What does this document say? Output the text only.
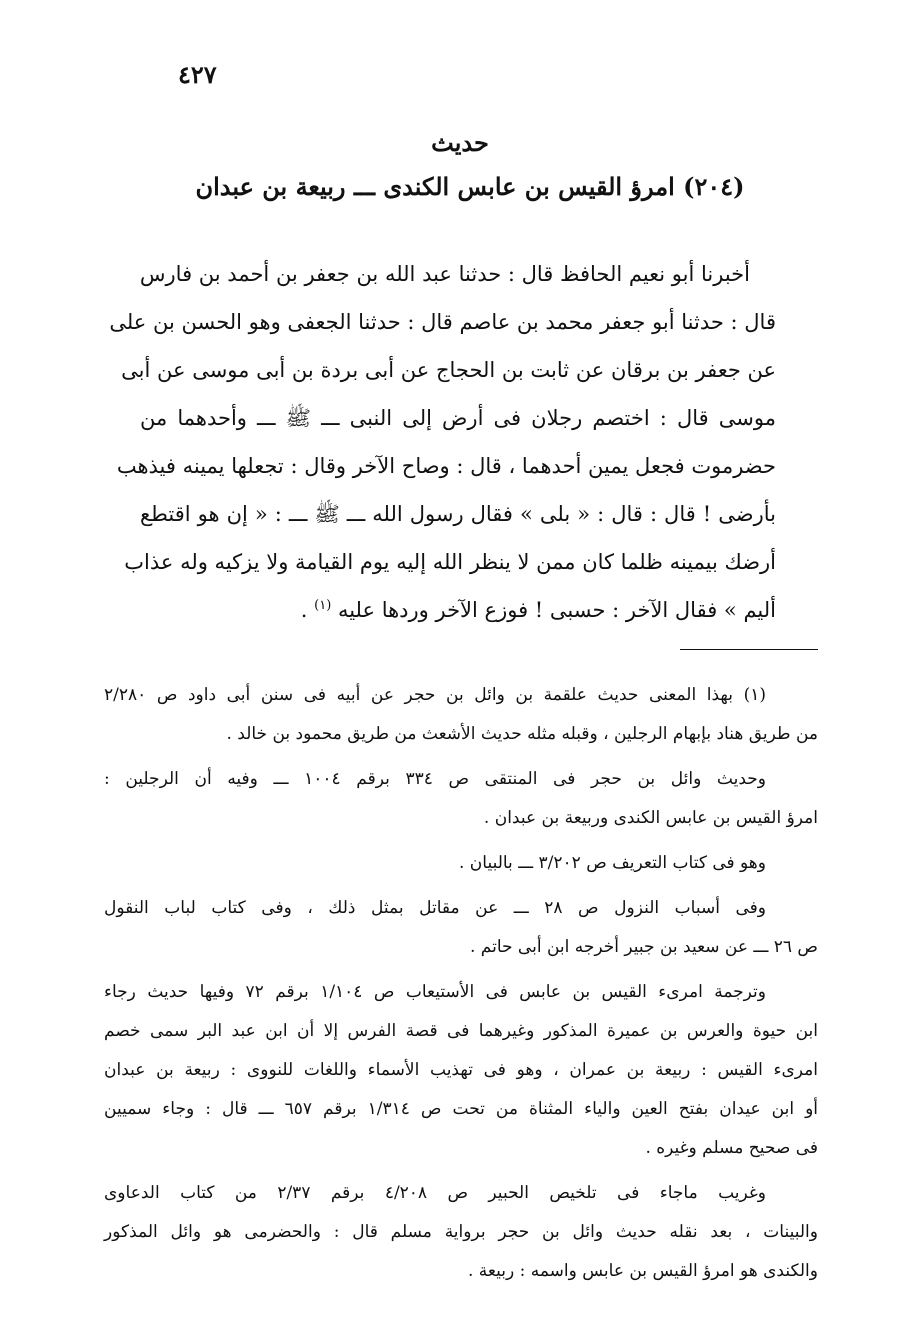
٤٢٧
حديث
(٢٠٤) امرؤ القيس بن عابس الكندى ـــ ربيعة بن عبدان
أخبرنا أبو نعيم الحافظ قال : حدثنا عبد الله بن جعفر بن أحمد بن فارس
قال : حدثنا أبو جعفر محمد بن عاصم قال : حدثنا الجعفى وهو الحسن بن على
عن جعفر بن برقان عن ثابت بن الحجاج عن أبى بردة بن أبى موسى عن أبى
موسى قال : اختصم رجلان فى أرض إلى النبى ـــ ﷺ ـــ وأحدهما من
حضرموت فجعل يمين أحدهما ، قال : وصاح الآخر وقال : تجعلها يمينه فيذهب
بأرضى ! قال : قال : « بلى » فقال رسول الله ـــ ﷺ ـــ : « إن هو اقتطع
أرضك بيمينه ظلما كان ممن لا ينظر الله إليه يوم القيامة ولا يزكيه وله عذاب
أليم » فقال الآخر : حسبى ! فوزع الآخر وردها عليه $^{(١)}$ .
(١) بهذا المعنى حديث علقمة بن وائل بن حجر عن أبيه فى سنن أبى داود ص ٢/٢٨٠
من طريق هناد بإبهام الرجلين ، وقبله مثله حديث الأشعث من طريق محمود بن خالد .
وحديث وائل بن حجر فى المنتقى ص ٣٣٤ برقم ١٠٠٤ ـــ وفيه أن الرجلين :
امرؤ القيس بن عابس الكندى وربيعة بن عبدان .
وهو فى كتاب التعريف ص ٣/٢٠٢ ـــ بالبيان .
وفى أسباب النزول ص ٢٨ ـــ عن مقاتل بمثل ذلك ، وفى كتاب لباب النقول
ص ٢٦ ـــ عن سعيد بن جبير أخرجه ابن أبى حاتم .
وترجمة امرىء القيس بن عابس فى الأستيعاب ص ١/١٠٤ برقم ٧٢ وفيها حديث رجاء
ابن حيوة والعرس بن عميرة المذكور وغيرهما فى قصة الفرس إلا أن ابن عبد البر سمى خصم
امرىء القيس : ربيعة بن عمران ، وهو فى تهذيب الأسماء واللغات للنووى : ربيعة بن عبدان
أو ابن عيدان بفتح العين والياء المثناة من تحت ص ١/٣١٤ برقم ٦٥٧ ـــ قال : وجاء سميين
فى صحيح مسلم وغيره .
وغريب ماجاء فى تلخيص الحبير ص ٤/٢٠٨ برقم ٢/٣٧ من كتاب الدعاوى
والبينات ، بعد نقله حديث وائل بن حجر برواية مسلم قال : والحضرمى هو وائل المذكور
والكندى هو امرؤ القيس بن عابس واسمه : ربيعة .
